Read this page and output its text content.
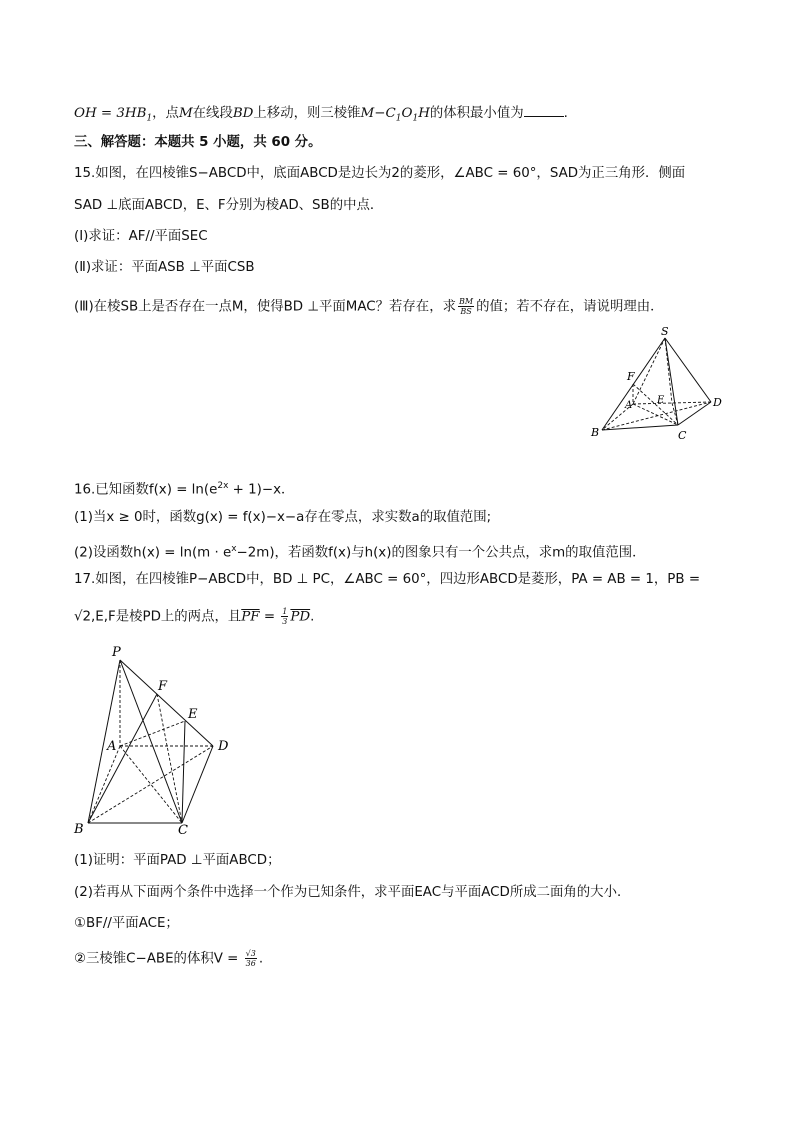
OH = $3HB_1$，点M在线段BD上移动，则三棱锥$M-C_1O_1H$的体积最小值为	.
三、解答题：本题共 5 小题，共 60 分。
15.如图，在四棱锥S−ABCD中，底面ABCD是边长为2的菱形，∠ABC = 60°，SAD为正三角形．侧面
SAD ⊥底面ABCD，E、F分别为棱AD、SB的中点．
(Ⅰ)求证：AF//平面SEC
(Ⅱ)求证：平面ASB ⊥平面CSB
(Ⅲ)在棱SB上是否存在一点M，使得BD ⊥平面MAC？若存在，求 $\frac{BM}{BS}$ 的值；若不存在，请说明理由．
S
F
A E	D
B	C
16.已知函数$f(x) = \ln(e^{2x} + 1)-x$．
(1)当x ≥ 0时，函数g(x) = f(x)−x−a存在零点，求实数a的取值范围;
(2)设函数$h(x) = \ln(m \cdot e^x-2m)$，若函数f(x)与h(x)的图象只有一个公共点，求m的取值范围．
17.如图，在四棱锥P−ABCD中，BD ⊥ PC，∠ABC = 60°，四边形ABCD是菱形，PA = AB = 1，PB =
√2,E,F是棱PD上的两点，且$\overline{PF} = \frac{1}{3} \overline{PD}$.
P
F
E
A	D
B	C
(1)证明：平面PAD ⊥平面ABCD；
(2)若再从下面两个条件中选择一个作为已知条件，求平面EAC与平面ACD所成二面角的大小．
①BF//平面ACE；
②三棱锥C−ABE的体积$V = \frac{√3}{36}$ .
